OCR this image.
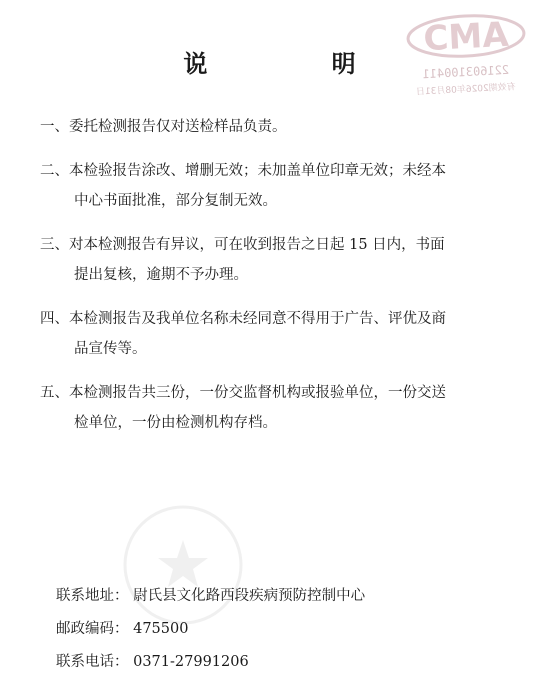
CMA
221603100411
有效期2026年08月31日
说 明
一、委托检测报告仅对送检样品负责。
二、本检验报告涂改、增删无效；未加盖单位印章无效；未经本
中心书面批准，部分复制无效。
三、对本检测报告有异议，可在收到报告之日起 15 日内，书面
提出复核，逾期不予办理。
四、本检测报告及我单位名称未经同意不得用于广告、评优及商
品宣传等。
五、本检测报告共三份，一份交监督机构或报验单位，一份交送
检单位，一份由检测机构存档。
联系地址： 尉氏县文化路西段疾病预防控制中心
邮政编码： 475500
联系电话： 0371-27991206
